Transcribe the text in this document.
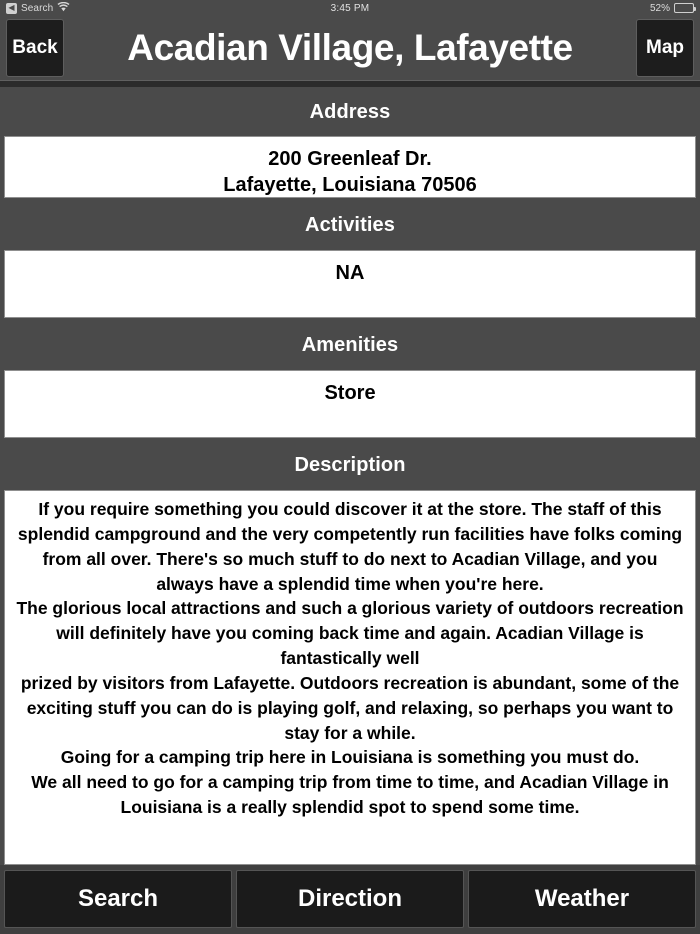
◀ Search	3:45 PM	52%
Back	Acadian Village, Lafayette	Map
Address
200 Greenleaf Dr.
Lafayette, Louisiana 70506
Activities
NA
Amenities
Store
Description

If you require something you could discover it at the store. The staff of this splendid campground and the very competently run facilities have folks coming from all over. There's so much stuff to do next to Acadian Village, and you always have a splendid time when you're here.

The glorious local attractions and such a glorious variety of outdoors recreation will definitely have you coming back time and again. Acadian Village is fantastically well

prized by visitors from Lafayette. Outdoors recreation is abundant, some of the exciting stuff you can do is playing golf, and relaxing, so perhaps you want to stay for a while.

Going for a camping trip here in Louisiana is something you must do.

We all need to go for a camping trip from time to time, and Acadian Village in Louisiana is a really splendid spot to spend some time.

Search	Direction	Weather
